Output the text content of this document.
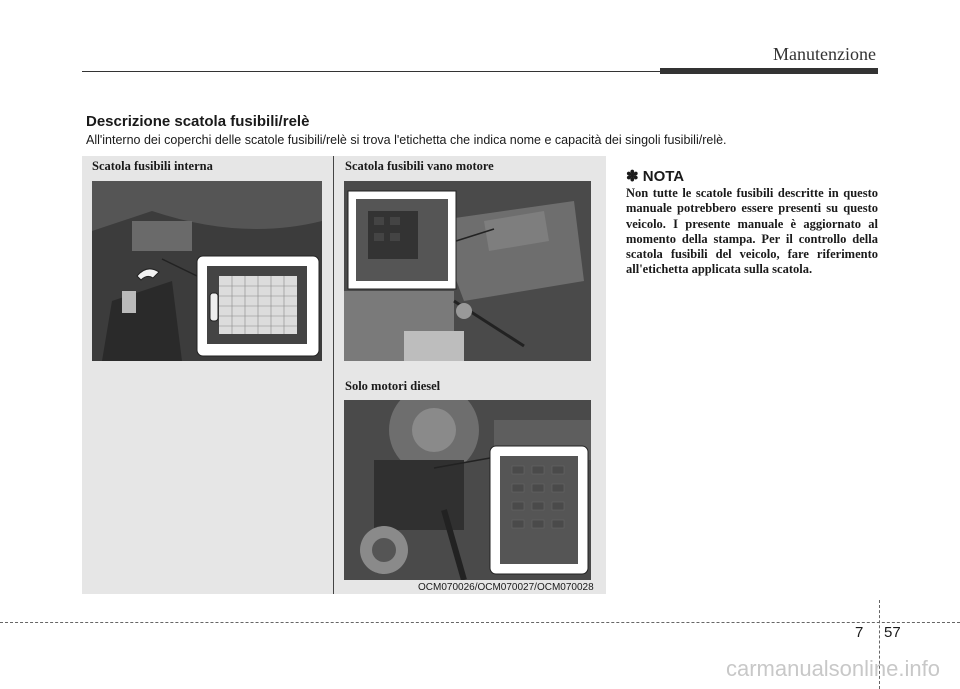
Manutenzione
Descrizione scatola fusibili/relè
All'interno dei coperchi delle scatole fusibili/relè si trova l'etichetta che indica nome e capacità dei singoli fusibili/relè.
Scatola fusibili interna	Scatola fusibili vano motore
Solo motori diesel
OCM070026/OCM070027/OCM070028
✽ NOTA
Non tutte le scatole fusibili descritte in questo manuale potrebbero essere presenti su questo veicolo. I presente manuale è aggiornato al momento della stampa. Per il controllo della scatola fusibili del veicolo, fare riferimento all'etichetta applicata sulla scatola.
7 57
carmanualsonline.info
